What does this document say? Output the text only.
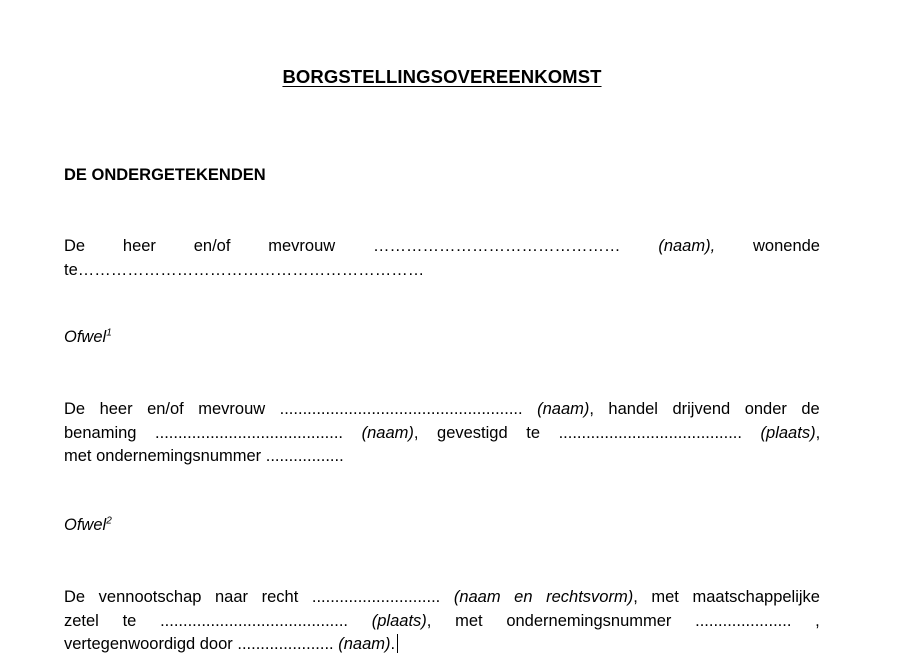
BORGSTELLINGSOVEREENKOMST
DE ONDERGETEKENDEN
De heer en/of mevrouw ……………………………………… (naam), wonende
te………………………………………………………
Ofwel$^1$
De heer en/of mevrouw ..................................................... (naam), handel drijvend onder de
benaming ......................................... (naam), gevestigd te ........................................ (plaats),
met ondernemingsnummer .................
Ofwel$^2$
De vennootschap naar recht ............................ (naam en rechtsvorm), met maatschappelijke
zetel te ......................................... (plaats), met ondernemingsnummer ..................... ,
vertegenwoordigd door ..................... (naam).
